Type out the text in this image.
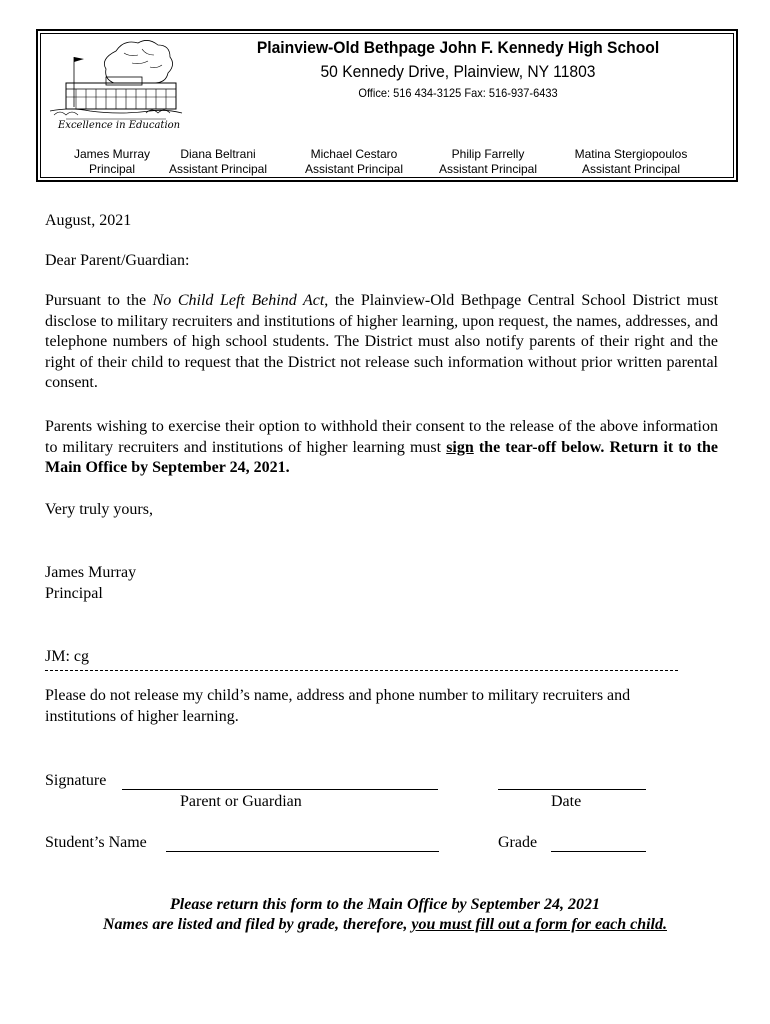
Excellence in Education
Plainview-Old Bethpage John F. Kennedy High School
50 Kennedy Drive, Plainview, NY 11803
Office: 516 434-3125 Fax: 516-937-6433
James Murray
Principal
Diana Beltrani
Assistant Principal
Michael Cestaro
Assistant Principal
Philip Farrelly
Assistant Principal
Matina Stergiopoulos
Assistant Principal
August, 2021
Dear Parent/Guardian:
Pursuant to the No Child Left Behind Act, the Plainview-Old Bethpage Central School District must disclose to military recruiters and institutions of higher learning, upon request, the names, addresses, and telephone numbers of high school students. The District must also notify parents of their right and the right of their child to request that the District not release such information without prior written parental consent.
Parents wishing to exercise their option to withhold their consent to the release of the above information to military recruiters and institutions of higher learning must sign the tear-off below. Return it to the Main Office by September 24, 2021.
Very truly yours,
James Murray
Principal
JM: cg
Please do not release my child’s name, address and phone number to military recruiters and institutions of higher learning.
Signature
Parent or Guardian	Date
Student’s Name	Grade
Please return this form to the Main Office by September 24, 2021
Names are listed and filed by grade, therefore, you must fill out a form for each child.
